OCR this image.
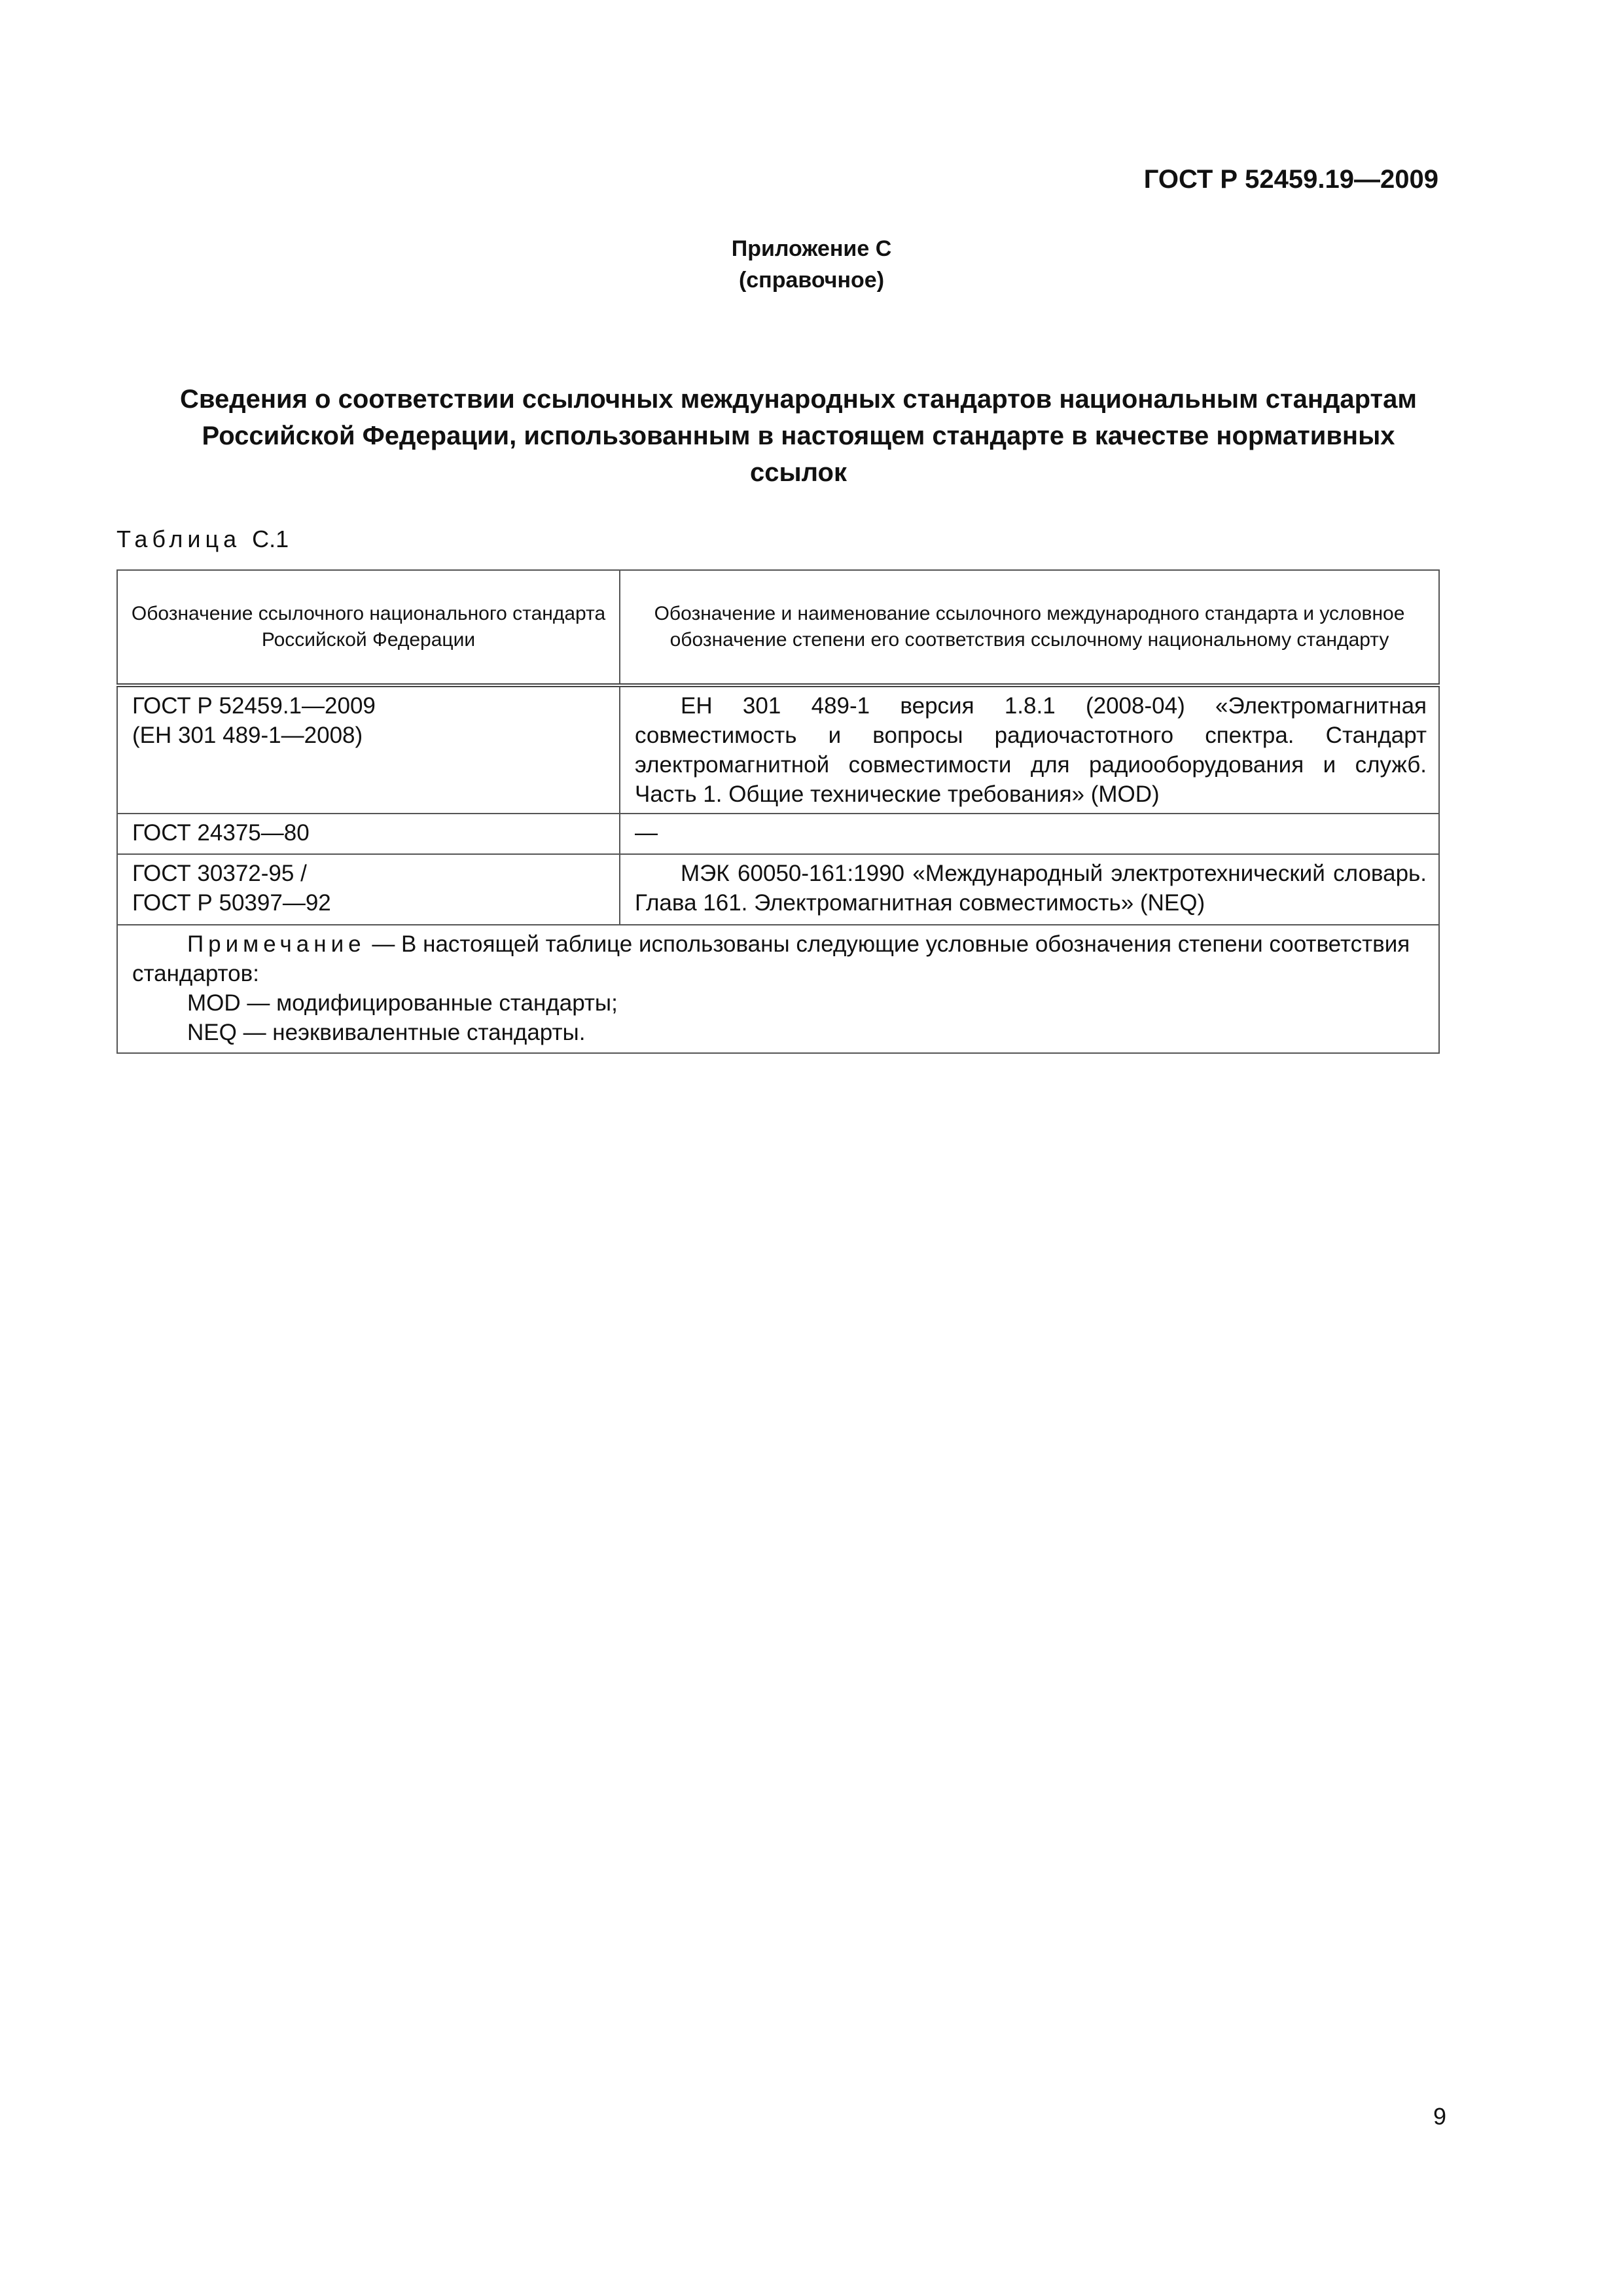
ГОСТ Р 52459.19—2009
Приложение С
(справочное)
Сведения о соответствии ссылочных международных стандартов национальным стандартам
Российской Федерации, использованным в настоящем стандарте в качестве нормативных
ссылок
Таблица С.1
Обозначение ссылочного национального стандарта Российской Федерации	Обозначение и наименование ссылочного международного стандарта и условное обозначение степени его соответствия ссылочному национальному стандарту

ГОСТ Р 52459.1—2009
(ЕН 301 489-1—2008)	ЕН 301 489-1 версия 1.8.1 (2008-04) «Электромагнитная совместимость и вопросы радиочастотного спектра. Стандарт электромагнитной совместимости для радиооборудования и служб. Часть 1. Общие технические требования» (MOD)

ГОСТ 24375—80	—

ГОСТ 30372-95 /
ГОСТ Р 50397—92	МЭК 60050-161:1990 «Международный электротехнический словарь. Глава 161. Электромагнитная совместимость» (NEQ)

Примечание — В настоящей таблице использованы следующие условные обозначения степени соответствия стандартов:
MOD — модифицированные стандарты;
NEQ — неэквивалентные стандарты.	
9
